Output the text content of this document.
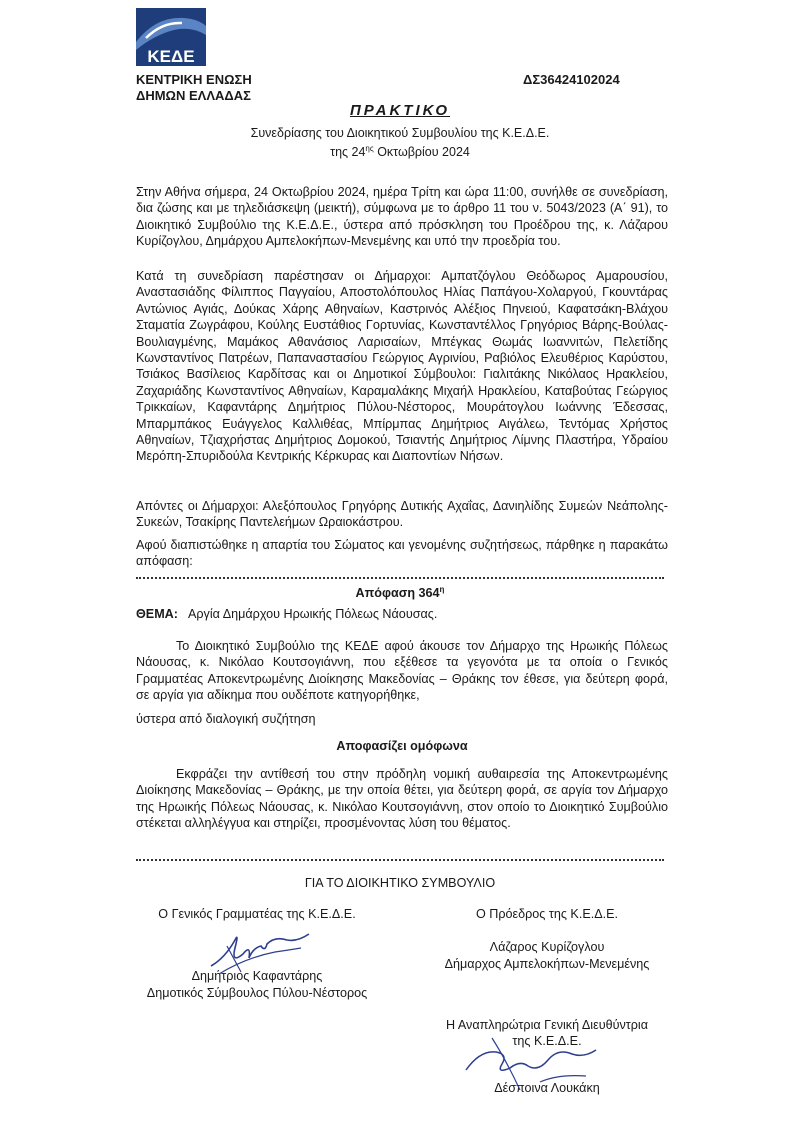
ΚΕΔΕ
ΚΕΝΤΡΙΚΗ ΕΝΩΣΗ
ΔΗΜΩΝ ΕΛΛΑΔΑΣ
ΔΣ36424102024
ΠΡΑΚΤΙΚΟ
Συνεδρίασης του Διοικητικού Συμβουλίου της Κ.Ε.Δ.Ε.
της $24^{\eta\varsigma}$ Οκτωβρίου 2024

Στην Αθήνα σήμερα, 24 Οκτωβρίου 2024, ημέρα Τρίτη και ώρα 11:00, συνήλθε σε συνεδρίαση, δια ζώσης και με τηλεδιάσκεψη (μεικτή), σύμφωνα με το άρθρο 11 του ν. 5043/2023 (Α΄ 91), το Διοικητικό Συμβούλιο της Κ.Ε.Δ.Ε., ύστερα από πρόσκληση του Προέδρου της, κ. Λάζαρου Κυρίζογλου, Δημάρχου Αμπελοκήπων-Μενεμένης και υπό την προεδρία του.

Κατά τη συνεδρίαση παρέστησαν οι Δήμαρχοι: Αμπατζόγλου Θεόδωρος Αμαρουσίου, Αναστασιάδης Φίλιππος Παγγαίου, Αποστολόπουλος Ηλίας Παπάγου-Χολαργού, Γκουντάρας Αντώνιος Αγιάς, Δούκας Χάρης Αθηναίων, Καστρινός Αλέξιος Πηνειού, Καφατσάκη-Βλάχου Σταματία Ζωγράφου, Κούλης Ευστάθιος Γορτυνίας, Κωνσταντέλλος Γρηγόριος Βάρης-Βούλας-Βουλιαγμένης, Μαμάκος Αθανάσιος Λαρισαίων, Μπέγκας Θωμάς Ιωαννιτών, Πελετίδης Κωνσταντίνος Πατρέων, Παπαναστασίου Γεώργιος Αγρινίου, Ραβιόλος Ελευθέριος Καρύστου, Τσιάκος Βασίλειος Καρδίτσας και οι Δημοτικοί Σύμβουλοι: Γιαλιτάκης Νικόλαος Ηρακλείου, Ζαχαριάδης Κωνσταντίνος Αθηναίων, Καραμαλάκης Μιχαήλ Ηρακλείου, Καταβούτας Γεώργιος Τρικκαίων, Καφαντάρης Δημήτριος Πύλου-Νέστορος, Μουράτογλου Ιωάννης Έδεσσας, Μπαρμπάκος Ευάγγελος Καλλιθέας, Μπίρμπας Δημήτριος Αιγάλεω, Τεντόμας Χρήστος Αθηναίων, Τζιαχρήστας Δημήτριος Δομοκού, Τσιαντής Δημήτριος Λίμνης Πλαστήρα, Υδραίου Μερόπη-Σπυριδούλα Κεντρικής Κέρκυρας και Διαποντίων Νήσων.

Απόντες οι Δήμαρχοι: Αλεξόπουλος Γρηγόρης Δυτικής Αχαΐας, Δανιηλίδης Συμεών Νεάπολης-Συκεών, Τσακίρης Παντελεήμων Ωραιοκάστρου.

Αφού διαπιστώθηκε η απαρτία του Σώματος και γενομένης συζητήσεως, πάρθηκε η παρακάτω απόφαση:

Απόφαση $364^\eta$
ΘΕΜΑ: Αργία Δημάρχου Ηρωικής Πόλεως Νάουσας.

Το Διοικητικό Συμβούλιο της ΚΕΔΕ αφού άκουσε τον Δήμαρχο της Ηρωικής Πόλεως Νάουσας, κ. Νικόλαο Κουτσογιάννη, που εξέθεσε τα γεγονότα με τα οποία ο Γενικός Γραμματέας Αποκεντρωμένης Διοίκησης Μακεδονίας – Θράκης τον έθεσε, για δεύτερη φορά, σε αργία για αδίκημα που ουδέποτε κατηγορήθηκε,

ύστερα από διαλογική συζήτηση

Αποφασίζει ομόφωνα

Εκφράζει την αντίθεσή του στην πρόδηλη νομική αυθαιρεσία της Αποκεντρωμένης Διοίκησης Μακεδονίας – Θράκης, με την οποία θέτει, για δεύτερη φορά, σε αργία τον Δήμαρχο της Ηρωικής Πόλεως Νάουσας, κ. Νικόλαο Κουτσογιάννη, στον οποίο το Διοικητικό Συμβούλιο στέκεται αλληλέγγυα και στηρίζει, προσμένοντας λύση του θέματος.

ΓΙΑ ΤΟ ΔΙΟΙΚΗΤΙΚΟ ΣΥΜΒΟΥΛΙΟ
Ο Γενικός Γραμματέας της Κ.Ε.Δ.Ε.
Δημήτριος Καφαντάρης
Δημοτικός Σύμβουλος Πύλου-Νέστορος
Ο Πρόεδρος της Κ.Ε.Δ.Ε.
Λάζαρος Κυρίζογλου
Δήμαρχος Αμπελοκήπων-Μενεμένης
Η Αναπληρώτρια Γενική Διευθύντρια
της Κ.Ε.Δ.Ε.
Δέσποινα Λουκάκη
